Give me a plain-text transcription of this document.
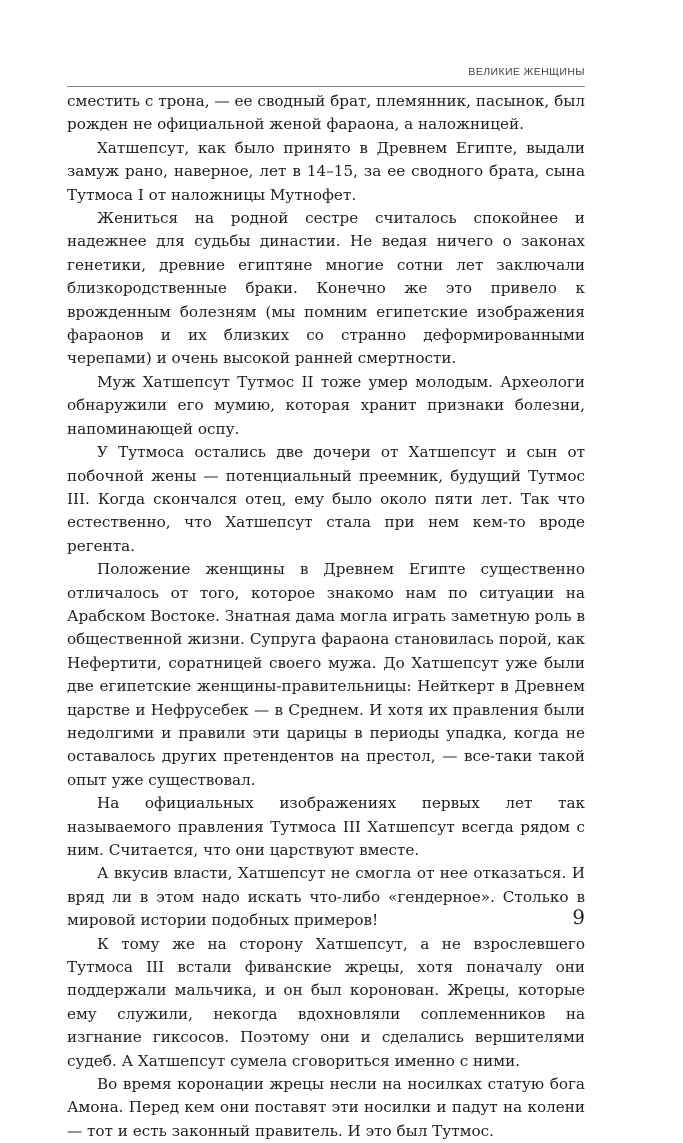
ВЕЛИКИЕ ЖЕНЩИНЫ

сместить с трона, — ее сводный брат, племянник, пасынок, был рожден не официальной женой фараона, а наложницей.

Хатшепсут, как было принято в Древнем Египте, выдали замуж рано, наверное, лет в 14–15, за ее сводного брата, сына Тутмоса I от наложницы Мутнофет.

Жениться на родной сестре считалось спокойнее и надежнее для судьбы династии. Не ведая ничего о законах генетики, древние египтяне многие сотни лет заключали близкородственные браки. Конечно же это привело к врожденным болезням (мы помним египетские изображения фараонов и их близких со странно деформированными черепами) и очень высокой ранней смертности.

Муж Хатшепсут Тутмос II тоже умер молодым. Археологи обнаружили его мумию, которая хранит признаки болезни, напоминающей оспу.

У Тутмоса остались две дочери от Хатшепсут и сын от побочной жены — потенциальный преемник, будущий Тутмос III. Когда скончался отец, ему было около пяти лет. Так что естественно, что Хатшепсут стала при нем кем-то вроде регента.

Положение женщины в Древнем Египте существенно отличалось от того, которое знакомо нам по ситуации на Арабском Востоке. Знатная дама могла играть заметную роль в общественной жизни. Супруга фараона становилась порой, как Нефертити, соратницей своего мужа. До Хатшепсут уже были две египетские женщины-правительницы: Нейткерт в Древнем царстве и Нефрусебек — в Среднем. И хотя их правления были недолгими и правили эти царицы в периоды упадка, когда не оставалось других претендентов на престол, — все-таки такой опыт уже существовал.

На официальных изображениях первых лет так называемого правления Тутмоса III Хатшепсут всегда рядом с ним. Считается, что они царствуют вместе.

А вкусив власти, Хатшепсут не смогла от нее отказаться. И вряд ли в этом надо искать что-либо «гендерное». Столько в мировой истории подобных примеров!

К тому же на сторону Хатшепсут, а не взрослевшего Тутмоса III встали фиванские жрецы, хотя поначалу они поддержали мальчика, и он был коронован. Жрецы, которые ему служили, некогда вдохновляли соплеменников на изгнание гиксосов. Поэтому они и сделались вершителями судеб. А Хатшепсут сумела сговориться именно с ними.

Во время коронации жрецы несли на носилках статую бога Амона. Перед кем они поставят эти носилки и падут на колени — тот и есть законный правитель. И это был Тутмос.

9
